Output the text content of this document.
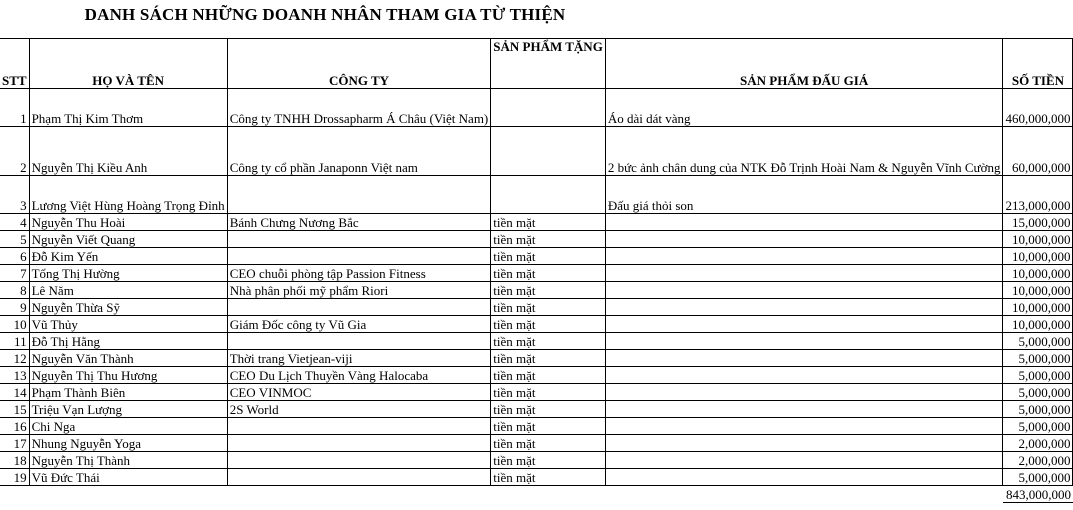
DANH SÁCH NHỮNG DOANH NHÂN THAM GIA TỪ THIỆN
STT	HỌ VÀ TÊN	CÔNG TY	SẢN PHẨM TẶNG	SẢN PHẨM ĐẤU GIÁ	SỐ TIỀN
1	Phạm Thị Kim Thơm	Công ty TNHH Drossapharm Á Châu (Việt Nam)		Áo dài dát vàng	460,000,000
2	Nguyễn Thị Kiều Anh	Công ty cổ phần Janaponn Việt nam		2 bức ảnh chân dung của NTK Đỗ Trịnh Hoài Nam & Nguyễn Vĩnh Cường	60,000,000
3	Lương Việt Hùng Hoàng Trọng Đỉnh			Đấu giá thỏi son	213,000,000
4	Nguyễn Thu Hoài	Bánh Chưng Nương Bắc	tiền mặt		15,000,000
5	Nguyễn Viết Quang		tiền mặt		10,000,000
6	Đỗ Kim Yến		tiền mặt		10,000,000
7	Tống Thị Hường	CEO chuỗi phòng tập Passion Fitness	tiền mặt		10,000,000
8	Lê Năm	Nhà phân phối mỹ phẩm Riori	tiền mặt		10,000,000
9	Nguyễn Thừa Sỹ		tiền mặt		10,000,000
10	Vũ Thủy	Giám Đốc công ty Vũ Gia	tiền mặt		10,000,000
11	Đỗ Thị Hằng		tiền mặt		5,000,000
12	Nguyễn Văn Thành	Thời trang Vietjean-viji	tiền mặt		5,000,000
13	Nguyễn Thị Thu Hương	CEO Du Lịch Thuyền Vàng Halocaba	tiền mặt		5,000,000
14	Phạm Thành Biên	CEO VINMOC	tiền mặt		5,000,000
15	Triệu Vạn Lượng	2S World	tiền mặt		5,000,000
16	Chi Nga		tiền mặt		5,000,000
17	Nhung Nguyễn Yoga		tiền mặt		2,000,000
18	Nguyễn Thị Thành		tiền mặt		2,000,000
19	Vũ Đức Thái		tiền mặt		5,000,000
					843,000,000
